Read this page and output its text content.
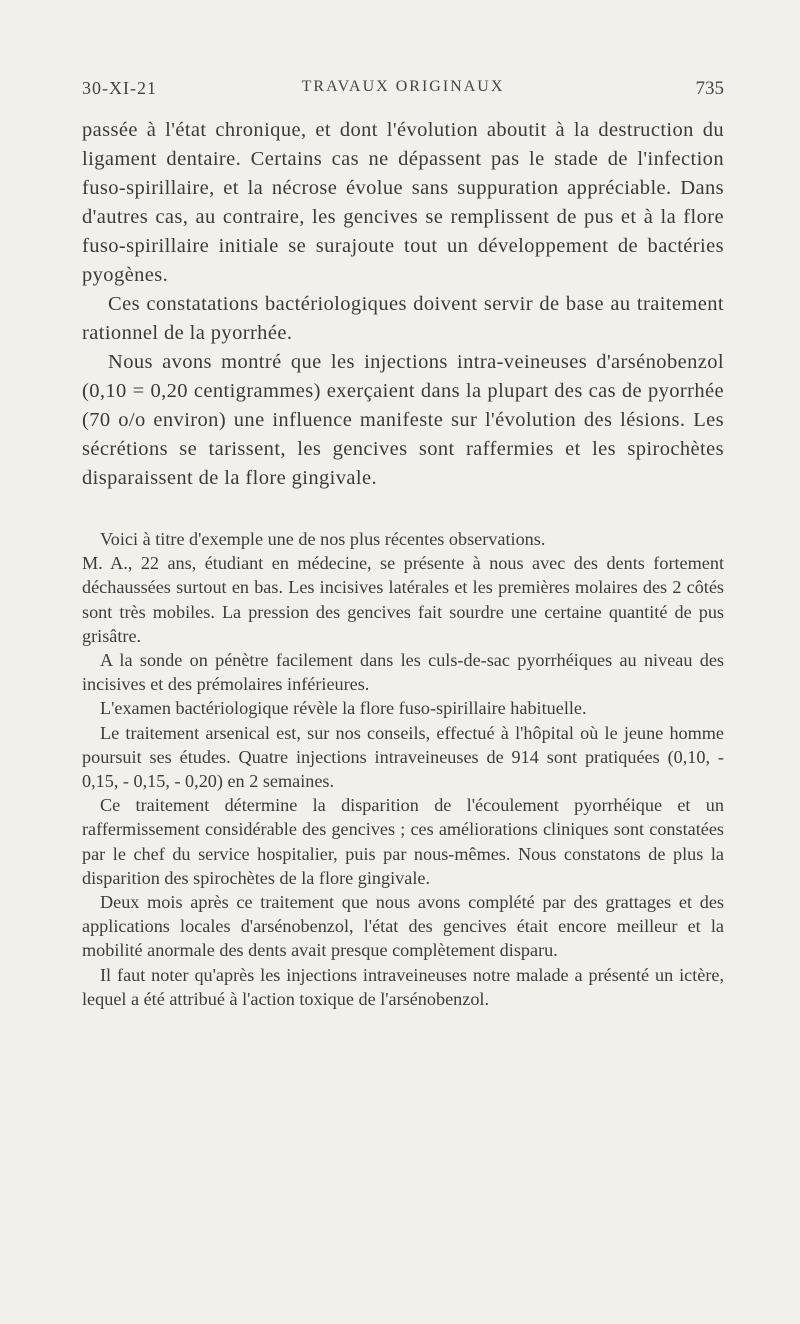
30-XI-21	TRAVAUX ORIGINAUX	735

passée à l'état chronique, et dont l'évolution aboutit à la destruction du ligament dentaire. Certains cas ne dépassent pas le stade de l'infection fuso-spirillaire, et la nécrose évolue sans suppuration appréciable. Dans d'autres cas, au contraire, les gencives se remplissent de pus et à la flore fuso-spirillaire initiale se surajoute tout un développement de bactéries pyogènes.

Ces constatations bactériologiques doivent servir de base au traitement rationnel de la pyorrhée.

Nous avons montré que les injections intra-veineuses d'arsénobenzol (0,10 = 0,20 centigrammes) exerçaient dans la plupart des cas de pyorrhée (70 o/o environ) une influence manifeste sur l'évolution des lésions. Les sécrétions se tarissent, les gencives sont raffermies et les spirochètes disparaissent de la flore gingivale.

Voici à titre d'exemple une de nos plus récentes observations.

M. A., 22 ans, étudiant en médecine, se présente à nous avec des dents fortement déchaussées surtout en bas. Les incisives latérales et les premières molaires des 2 côtés sont très mobiles. La pression des gencives fait sourdre une certaine quantité de pus grisâtre.

A la sonde on pénètre facilement dans les culs-de-sac pyorrhéiques au niveau des incisives et des prémolaires inférieures.

L'examen bactériologique révèle la flore fuso-spirillaire habituelle.

Le traitement arsenical est, sur nos conseils, effectué à l'hôpital où le jeune homme poursuit ses études. Quatre injections intraveineuses de 914 sont pratiquées (0,10, - 0,15, - 0,15, - 0,20) en 2 semaines.

Ce traitement détermine la disparition de l'écoulement pyorrhéique et un raffermissement considérable des gencives ; ces améliorations cliniques sont constatées par le chef du service hospitalier, puis par nous-mêmes. Nous constatons de plus la disparition des spirochètes de la flore gingivale.

Deux mois après ce traitement que nous avons complété par des grattages et des applications locales d'arsénobenzol, l'état des gencives était encore meilleur et la mobilité anormale des dents avait presque complètement disparu.

Il faut noter qu'après les injections intraveineuses notre malade a présenté un ictère, lequel a été attribué à l'action toxique de l'arsénobenzol.
